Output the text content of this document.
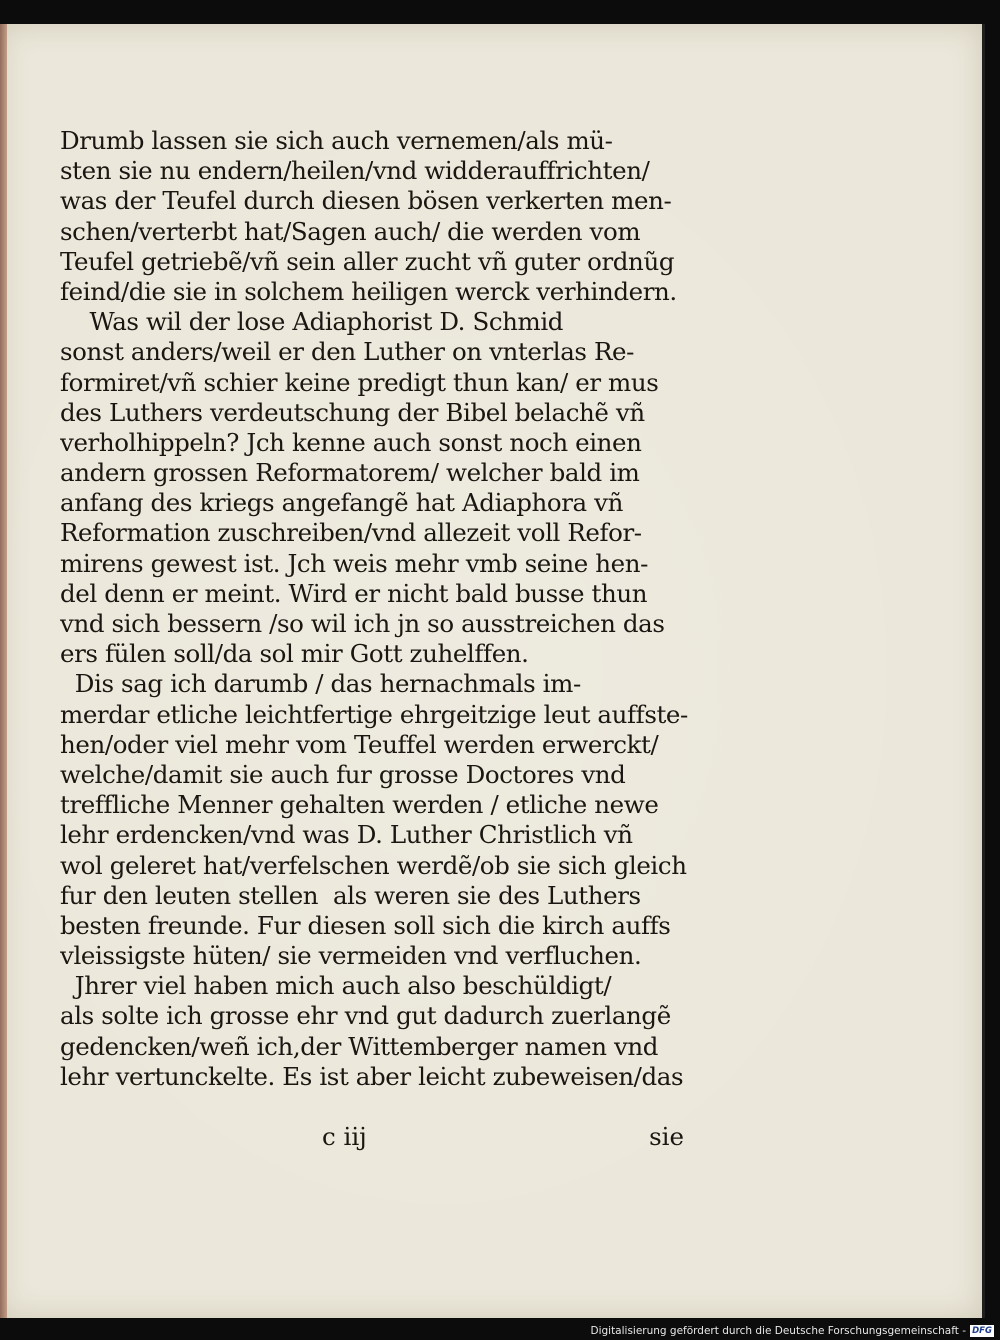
Drumb lassen sie sich auch vernemen/als mü-
sten sie nu endern/heilen/vnd widderauffrichten/
was der Teufel durch diesen bösen verkerten men-
schen/verterbt hat/Sagen auch/ die werden vom
Teufel getriebẽ/vñ sein aller zucht vñ guter ordnũg
feind/die sie in solchem heiligen werck verhindern.
Was wil der lose Adiaphorist D. Schmid
sonst anders/weil er den Luther on vnterlas Re-
formiret/vñ schier keine predigt thun kan/ er mus
des Luthers verdeutschung der Bibel belachẽ vñ
verholhippeln? Jch kenne auch sonst noch einen
andern grossen Reformatorem/ welcher bald im
anfang des kriegs angefangẽ hat Adiaphora vñ
Reformation zuschreiben/vnd allezeit voll Refor-
mirens gewest ist. Jch weis mehr vmb seine hen-
del denn er meint. Wird er nicht bald busse thun
vnd sich bessern /so wil ich jn so ausstreichen das
ers fülen soll/da sol mir Gott zuhelffen.
Dis sag ich darumb / das hernachmals im-
merdar etliche leichtfertige ehrgeitzige leut auffste-
hen/oder viel mehr vom Teuffel werden erwerckt/
welche/damit sie auch fur grosse Doctores vnd
treffliche Menner gehalten werden / etliche newe
lehr erdencken/vnd was D. Luther Christlich vñ
wol geleret hat/verfelschen werdẽ/ob sie sich gleich
fur den leuten stellen  als weren sie des Luthers
besten freunde. Fur diesen soll sich die kirch auffs
vleissigste hüten/ sie vermeiden vnd verfluchen.
Jhrer viel haben mich auch also beschüldigt/
als solte ich grosse ehr vnd gut dadurch zuerlangẽ
gedencken/weñ ich,der Wittemberger namen vnd
lehr vertunckelte. Es ist aber leicht zubeweisen/das
c iij	sie
Digitalisierung gefördert durch die Deutsche Forschungsgemeinschaft - DFG
